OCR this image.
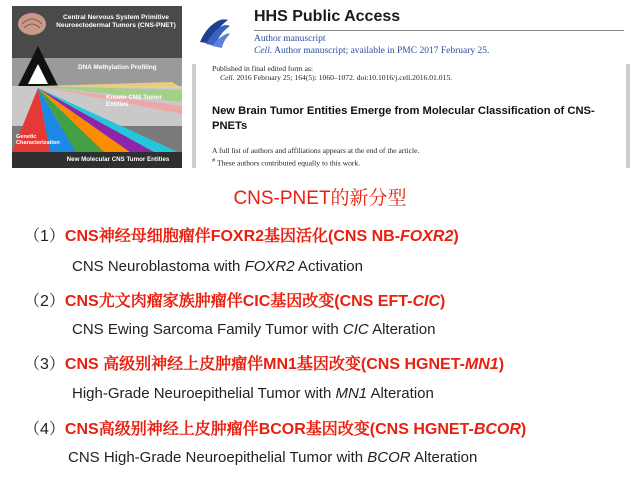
Central Nervous System Primitive Neuroectodermal Tumors (CNS-PNET)
DNA Methylation Profiling
Known CNS Tumor Entities
Genetic Characterization
New Molecular CNS Tumor Entities
HHS Public Access
Author manuscript
Cell. Author manuscript; available in PMC 2017 February 25.
Published in final edited form as:
Cell. 2016 February 25; 164(5): 1060–1072. doi:10.1016/j.cell.2016.01.015.
New Brain Tumor Entities Emerge from Molecular Classification of CNS-PNETs
A full list of authors and affiliations appears at the end of the article.
# These authors contributed equally to this work.
CNS-PNET的新分型
（1）CNS神经母细胞瘤伴FOXR2基因活化(CNS NB-FOXR2)
CNS Neuroblastoma with FOXR2 Activation
（2）CNS尤文肉瘤家族肿瘤伴CIC基因改变(CNS EFT-CIC)
CNS Ewing Sarcoma Family Tumor with CIC Alteration
（3）CNS 高级别神经上皮肿瘤伴MN1基因改变(CNS HGNET-MN1)
High-Grade Neuroepithelial Tumor with MN1 Alteration
（4）CNS高级别神经上皮肿瘤伴BCOR基因改变(CNS HGNET-BCOR)
CNS High-Grade Neuroepithelial Tumor with BCOR Alteration
